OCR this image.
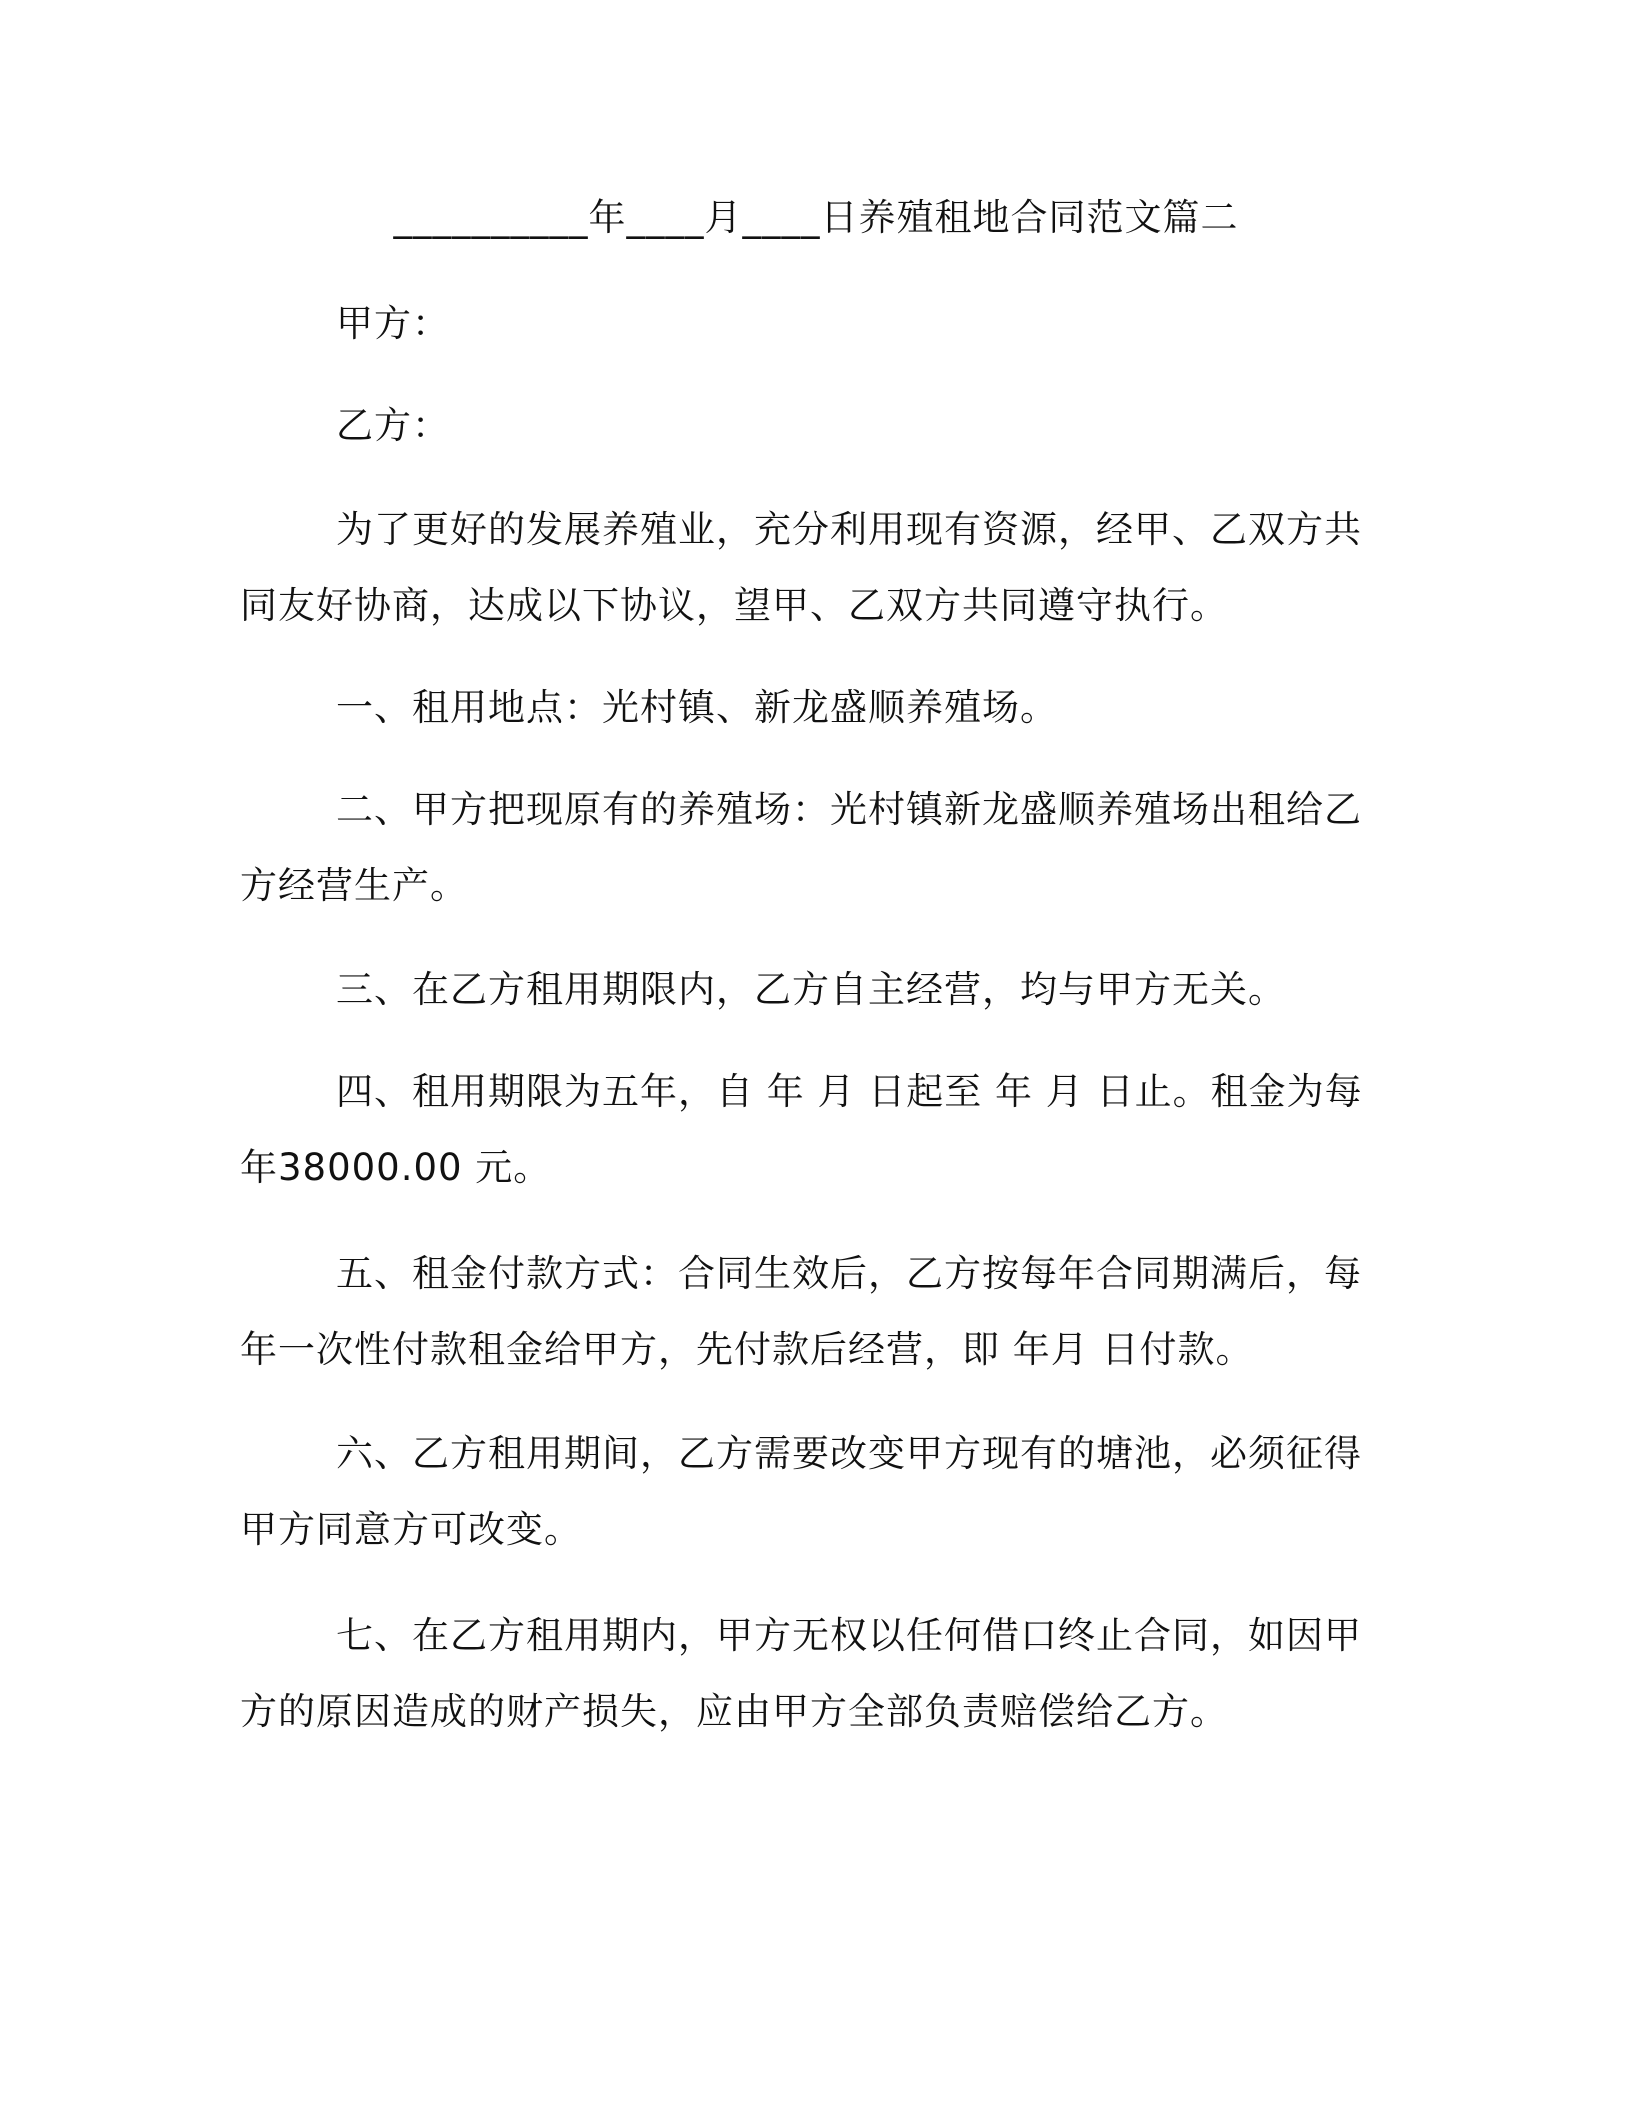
__________年____月____日养殖租地合同范文篇二

甲方：

乙方：

为了更好的发展养殖业，充分利用现有资源，经甲、乙双方共同友好协商，达成以下协议，望甲、乙双方共同遵守执行。

一、租用地点：光村镇、新龙盛顺养殖场。

二、甲方把现原有的养殖场：光村镇新龙盛顺养殖场出租给乙方经营生产。

三、在乙方租用期限内，乙方自主经营，均与甲方无关。

四、租用期限为五年，自 年 月 日起至 年 月 日止。租金为每年38000.00 元。

五、租金付款方式：合同生效后，乙方按每年合同期满后，每年一次性付款租金给甲方，先付款后经营，即 年月 日付款。

六、乙方租用期间，乙方需要改变甲方现有的塘池，必须征得甲方同意方可改变。

七、在乙方租用期内，甲方无权以任何借口终止合同，如因甲方的原因造成的财产损失，应由甲方全部负责赔偿给乙方。
